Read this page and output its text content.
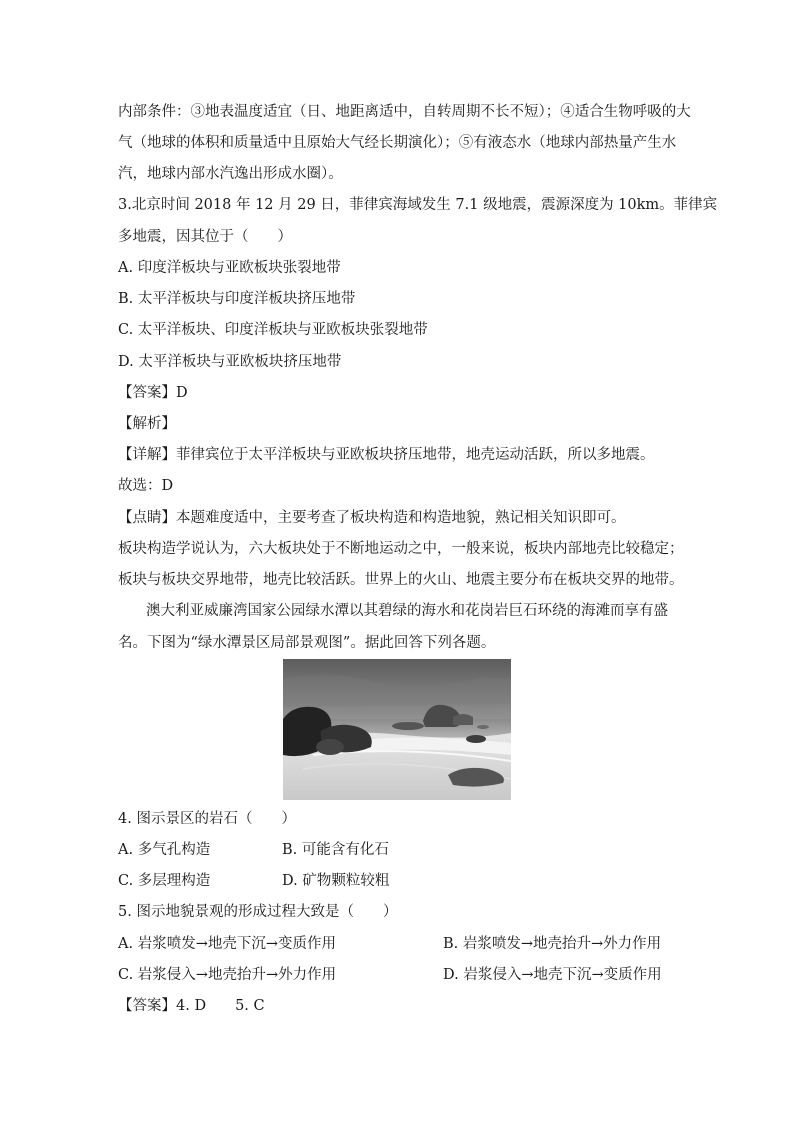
内部条件：③地表温度适宜（日、地距离适中，自转周期不长不短）；④适合生物呼吸的大
气（地球的体积和质量适中且原始大气经长期演化）；⑤有液态水（地球内部热量产生水
汽，地球内部水汽逸出形成水圈）。
3.北京时间 2018 年 12 月 29 日，菲律宾海域发生 7.1 级地震，震源深度为 10km。菲律宾
多地震，因其位于（　　）
A. 印度洋板块与亚欧板块张裂地带
B. 太平洋板块与印度洋板块挤压地带
C. 太平洋板块、印度洋板块与亚欧板块张裂地带
D. 太平洋板块与亚欧板块挤压地带
【答案】D
【解析】
【详解】菲律宾位于太平洋板块与亚欧板块挤压地带，地壳运动活跃，所以多地震。
故选：D
【点睛】本题难度适中，主要考查了板块构造和构造地貌，熟记相关知识即可。
板块构造学说认为，六大板块处于不断地运动之中，一般来说，板块内部地壳比较稳定；
板块与板块交界地带，地壳比较活跃。世界上的火山、地震主要分布在板块交界的地带。
澳大利亚威廉湾国家公园绿水潭以其碧绿的海水和花岗岩巨石环绕的海滩而享有盛
名。下图为“绿水潭景区局部景观图”。据此回答下列各题。
4. 图示景区的岩石（　　）
A. 多气孔构造	B. 可能含有化石
C. 多层理构造	D. 矿物颗粒较粗
5. 图示地貌景观的形成过程大致是（　　）
A. 岩浆喷发→地壳下沉→变质作用	B. 岩浆喷发→地壳抬升→外力作用
C. 岩浆侵入→地壳抬升→外力作用	D. 岩浆侵入→地壳下沉→变质作用
【答案】4. D　　5. C
